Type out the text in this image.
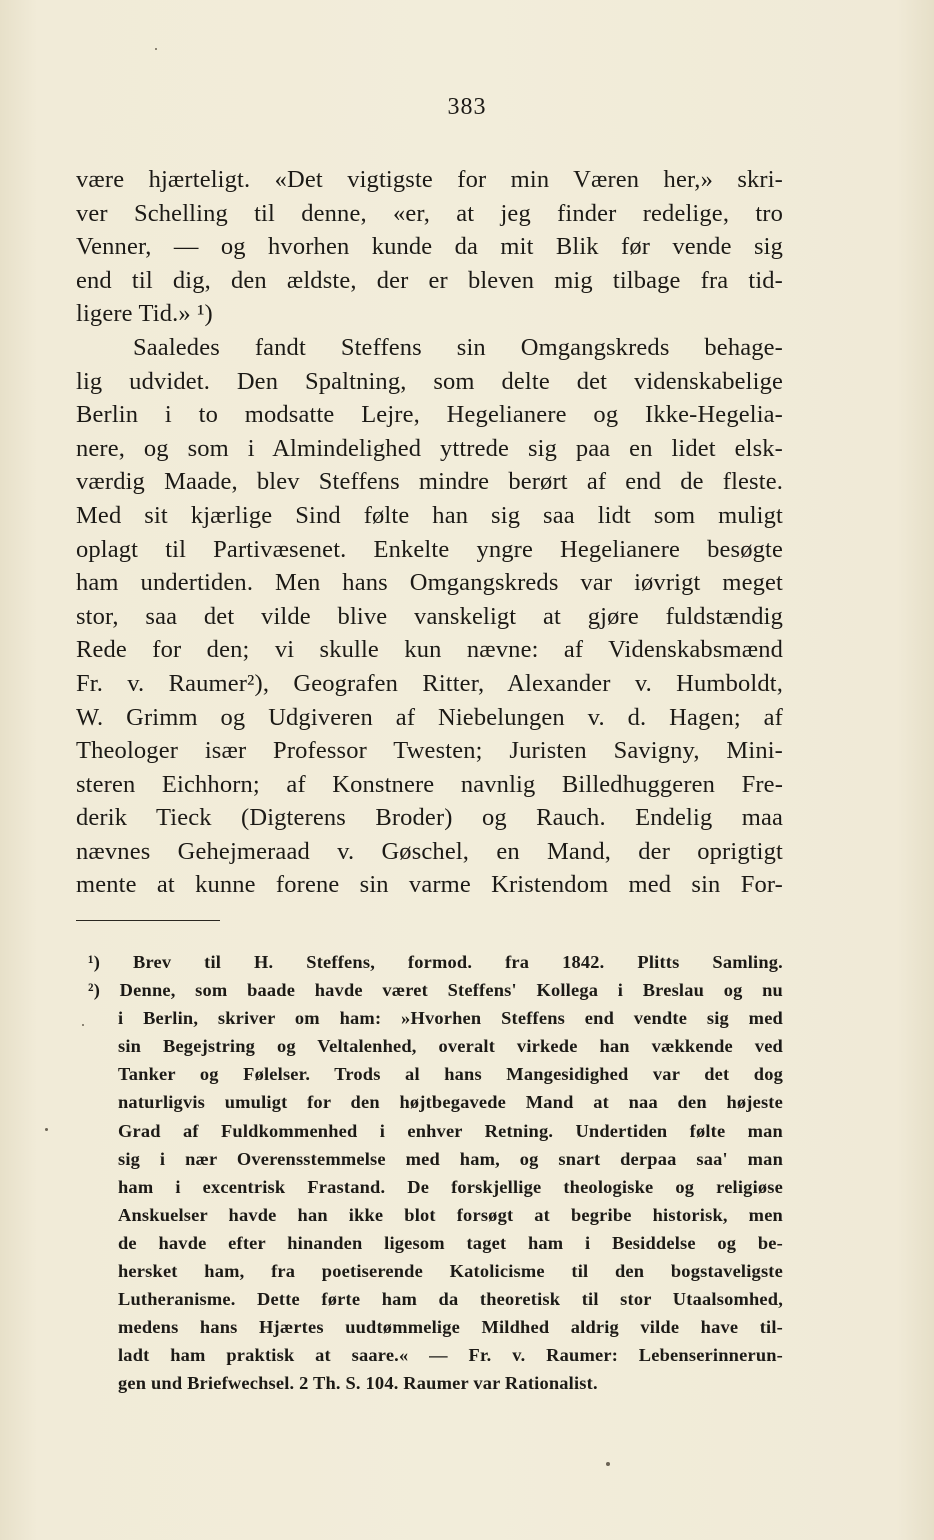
383
være hjærteligt. «Det vigtigste for min Væren her,» skri-
ver Schelling til denne, «er, at jeg finder redelige, tro
Venner, — og hvorhen kunde da mit Blik før vende sig
end til dig, den ældste, der er bleven mig tilbage fra tid-
ligere Tid.» ¹)
Saaledes fandt Steffens sin Omgangskreds behage-
lig udvidet. Den Spaltning, som delte det videnskabelige
Berlin i to modsatte Lejre, Hegelianere og Ikke-Hegelia-
nere, og som i Almindelighed yttrede sig paa en lidet elsk-
værdig Maade, blev Steffens mindre berørt af end de fleste.
Med sit kjærlige Sind følte han sig saa lidt som muligt
oplagt til Partivæsenet. Enkelte yngre Hegelianere besøgte
ham undertiden. Men hans Omgangskreds var iøvrigt meget
stor, saa det vilde blive vanskeligt at gjøre fuldstændig
Rede for den; vi skulle kun nævne: af Videnskabsmænd
Fr. v. Raumer²), Geografen Ritter, Alexander v. Humboldt,
W. Grimm og Udgiveren af Niebelungen v. d. Hagen; af
Theologer især Professor Twesten; Juristen Savigny, Mini-
steren Eichhorn; af Konstnere navnlig Billedhuggeren Fre-
derik Tieck (Digterens Broder) og Rauch. Endelig maa
nævnes Gehejmeraad v. Gøschel, en Mand, der oprigtigt
mente at kunne forene sin varme Kristendom med sin For-
¹) Brev til H. Steffens, formod. fra 1842. Plitts Samling.
²) Denne, som baade havde været Steffens' Kollega i Breslau og nu
i Berlin, skriver om ham: »Hvorhen Steffens end vendte sig med
sin Begejstring og Veltalenhed, overalt virkede han vækkende ved
Tanker og Følelser. Trods al hans Mangesidighed var det dog
naturligvis umuligt for den højtbegavede Mand at naa den højeste
Grad af Fuldkommenhed i enhver Retning. Undertiden følte man
sig i nær Overensstemmelse med ham, og snart derpaa saa' man
ham i excentrisk Frastand. De forskjellige theologiske og religiøse
Anskuelser havde han ikke blot forsøgt at begribe historisk, men
de havde efter hinanden ligesom taget ham i Besiddelse og be-
hersket ham, fra poetiserende Katolicisme til den bogstaveligste
Lutheranisme. Dette førte ham da theoretisk til stor Utaalsomhed,
medens hans Hjærtes uudtømmelige Mildhed aldrig vilde have til-
ladt ham praktisk at saare.« — Fr. v. Raumer: Lebenserinnerun-
gen und Briefwechsel. 2 Th. S. 104. Raumer var Rationalist.
